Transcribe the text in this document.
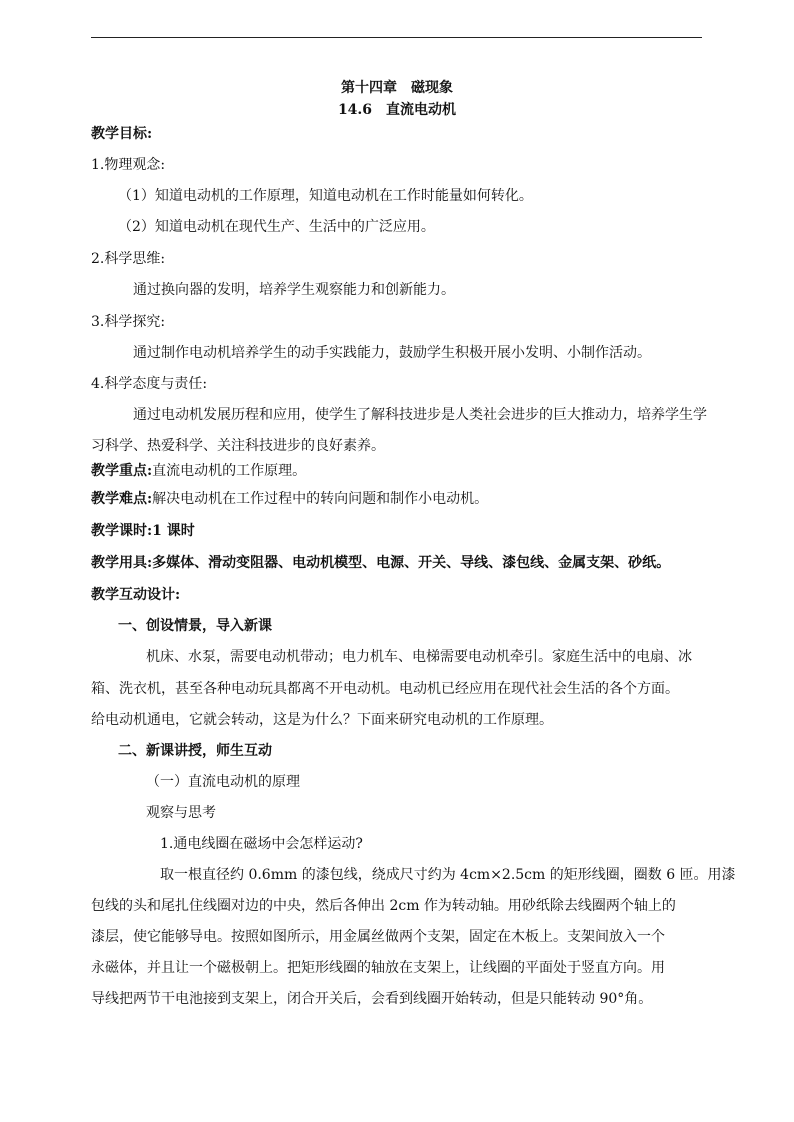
第十四章　磁现象
14.6　直流电动机
教学目标:
1.物理观念:
（1）知道电动机的工作原理，知道电动机在工作时能量如何转化。
（2）知道电动机在现代生产、生活中的广泛应用。
2.科学思维:
通过换向器的发明，培养学生观察能力和创新能力。
3.科学探究:
通过制作电动机培养学生的动手实践能力，鼓励学生积极开展小发明、小制作活动。
4.科学态度与责任:
通过电动机发展历程和应用，使学生了解科技进步是人类社会进步的巨大推动力，培养学生学
习科学、热爱科学、关注科技进步的良好素养。
教学重点:直流电动机的工作原理。
教学难点:解决电动机在工作过程中的转向问题和制作小电动机。
教学课时:1 课时
教学用具:多媒体、滑动变阻器、电动机模型、电源、开关、导线、漆包线、金属支架、砂纸。
教学互动设计:
一、创设情景，导入新课
机床、水泵，需要电动机带动；电力机车、电梯需要电动机牵引。家庭生活中的电扇、冰
箱、洗衣机，甚至各种电动玩具都离不开电动机。电动机已经应用在现代社会生活的各个方面。
给电动机通电，它就会转动，这是为什么？下面来研究电动机的工作原理。
二、新课讲授，师生互动
（一）直流电动机的原理
观察与思考
1.通电线圈在磁场中会怎样运动?
取一根直径约 0.6mm 的漆包线，绕成尺寸约为 4cm×2.5cm 的矩形线圈，圈数 6 匝。用漆
包线的头和尾扎住线圈对边的中央，然后各伸出 2cm 作为转动轴。用砂纸除去线圈两个轴上的
漆层，使它能够导电。按照如图所示，用金属丝做两个支架，固定在木板上。支架间放入一个
永磁体，并且让一个磁极朝上。把矩形线圈的轴放在支架上，让线圈的平面处于竖直方向。用
导线把两节干电池接到支架上，闭合开关后，会看到线圈开始转动，但是只能转动 90°角。
